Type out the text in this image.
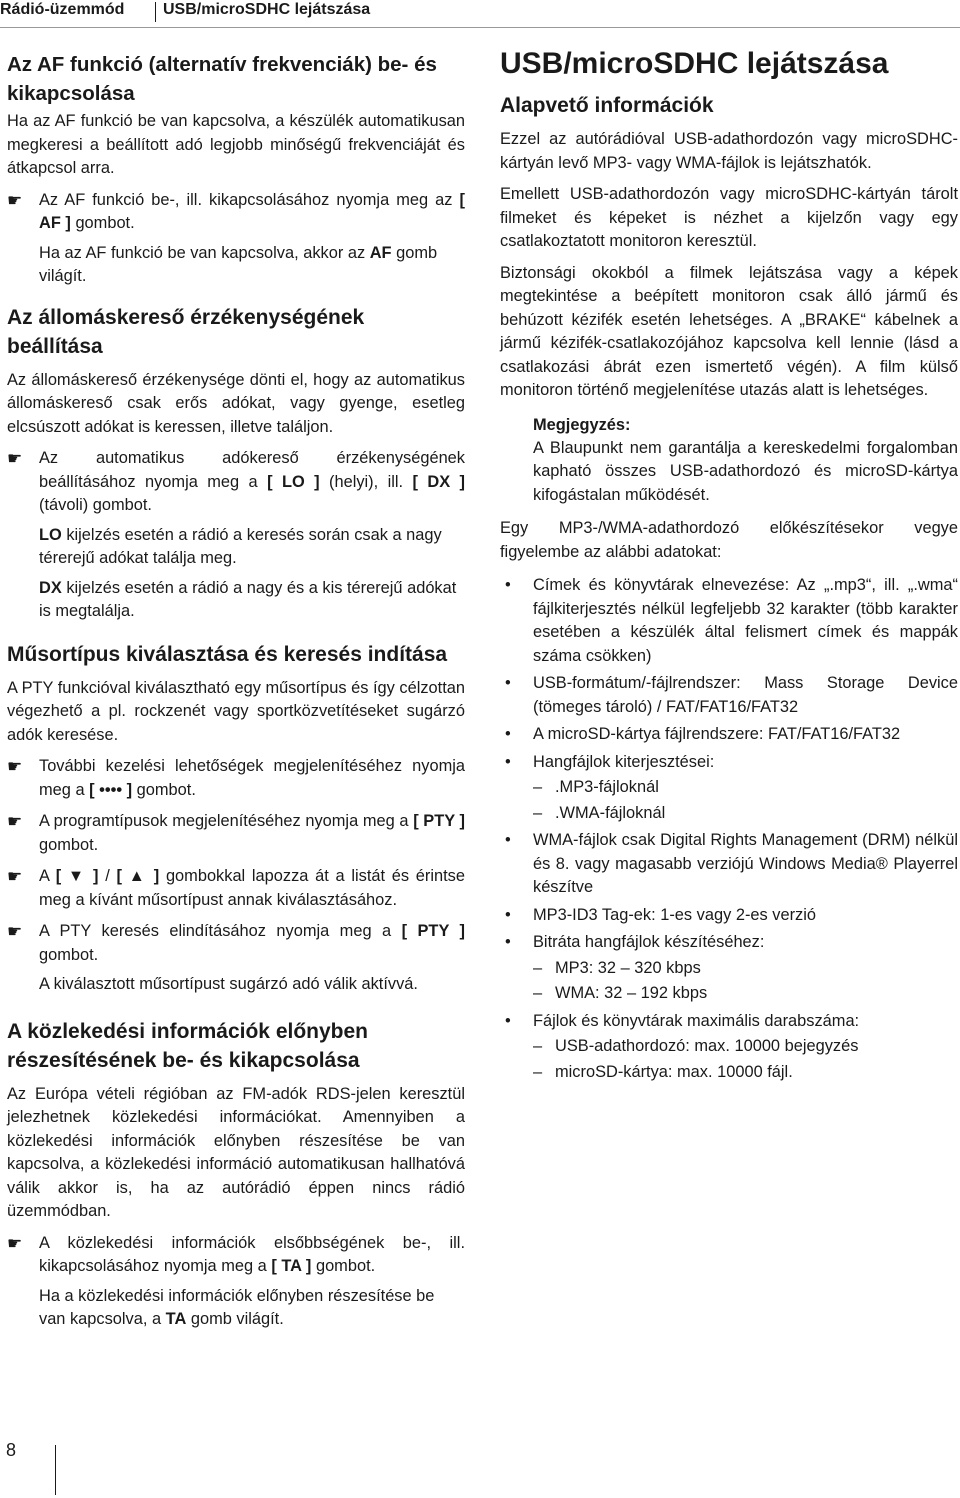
Rádió-üzemmód USB/microSDHC lejátszása
Az AF funkció (alternatív frekvenciák) be- és kikapcsolása

Ha az AF funkció be van kapcsolva, a készülék automatikusan megkeresi a beállított adó legjobb minőségű frekvenciáját és átkapcsol arra.

☛ Az AF funkció be-, ill. kikapcsolásához nyomja meg az [ AF ] gombot.
Ha az AF funkció be van kapcsolva, akkor az AF gomb világít.
Az állomáskereső érzékenységének beállítása

Az állomáskereső érzékenysége dönti el, hogy az automatikus állomáskereső csak erős adókat, vagy gyenge, esetleg elcsúszott adókat is keressen, illetve találjon.

☛ Az automatikus adókereső érzékenységének beállításához nyomja meg a [ LO ] (helyi), ill. [ DX ] (távoli) gombot.
LO kijelzés esetén a rádió a keresés során csak a nagy térerejű adókat találja meg.
DX kijelzés esetén a rádió a nagy és a kis térerejű adókat is megtalálja.
Műsortípus kiválasztása és keresés indítása

A PTY funkcióval kiválasztható egy műsortípus és így célzottan végezhető a pl. rockzenét vagy sportközvetítéseket sugárzó adók keresése.

☛ További kezelési lehetőségek megjelenítéséhez nyomja meg a [ •••• ] gombot.
☛ A programtípusok megjelenítéséhez nyomja meg a [ PTY ] gombot.
☛ A [ ▼ ] / [ ▲ ] gombokkal lapozza át a listát és érintse meg a kívánt műsortípust annak kiválasztásához.
☛ A PTY keresés elindításához nyomja meg a [ PTY ] gombot.
A kiválasztott műsortípust sugárzó adó válik aktívvá.
A közlekedési információk előnyben részesítésének be- és kikapcsolása

Az Európa vételi régióban az FM-adók RDS-jelen keresztül jelezhetnek közlekedési információkat. Amennyiben a közlekedési információk előnyben részesítése be van kapcsolva, a közlekedési információ automatikusan hallhatóvá válik akkor is, ha az autórádió éppen nincs rádió üzemmódban.

☛ A közlekedési információk elsőbbségének be-, ill. kikapcsolásához nyomja meg a [ TA ] gombot.
Ha a közlekedési információk előnyben részesítése be van kapcsolva, a TA gomb világít.
USB/microSDHC lejátszása
Alapvető információk

Ezzel az autórádióval USB-adathordozón vagy microSDHC-kártyán levő MP3- vagy WMA-fájlok is lejátszhatók.

Emellett USB-adathordozón vagy microSDHC-kártyán tárolt filmeket és képeket is nézhet a kijelzőn vagy egy csatlakoztatott monitoron keresztül.

Biztonsági okokból a filmek lejátszása vagy a képek megtekintése a beépített monitoron csak álló jármű és behúzott kézifék esetén lehetséges. A „BRAKE“ kábelnek a jármű kézifék-csatlakozójához kapcsolva kell lennie (lásd a csatlakozási ábrát ezen ismertető végén). A film külső monitoron történő megjelenítése utazás alatt is lehetséges.

Megjegyzés:

A Blaupunkt nem garantálja a kereskedelmi forgalomban kapható összes USB-adathordozó és microSD-kártya kifogástalan működését.

Egy MP3-/WMA-adathordozó előkészítésekor vegye figyelembe az alábbi adatokat:

• Címek és könyvtárak elnevezése: Az „.mp3“, ill. „.wma“ fájlkiterjesztés nélkül legfeljebb 32 karakter (több karakter esetében a készülék által felismert címek és mappák száma csökken)
• USB-formátum/-fájlrendszer: Mass Storage Device (tömeges tároló) / FAT/FAT16/FAT32
• A microSD-kártya fájlrendszere: FAT/FAT16/FAT32
• Hangfájlok kiterjesztései:
– .MP3-fájloknál
– .WMA-fájloknál
• WMA-fájlok csak Digital Rights Management (DRM) nélkül és 8. vagy magasabb verziójú Windows Media® Playerrel készítve
• MP3-ID3 Tag-ek: 1-es vagy 2-es verzió
• Bitráta hangfájlok készítéséhez:
– MP3: 32 – 320 kbps
– WMA: 32 – 192 kbps
• Fájlok és könyvtárak maximális darabszáma:
– USB-adathordozó: max. 10000 bejegyzés
– microSD-kártya: max. 10000 fájl.
8
